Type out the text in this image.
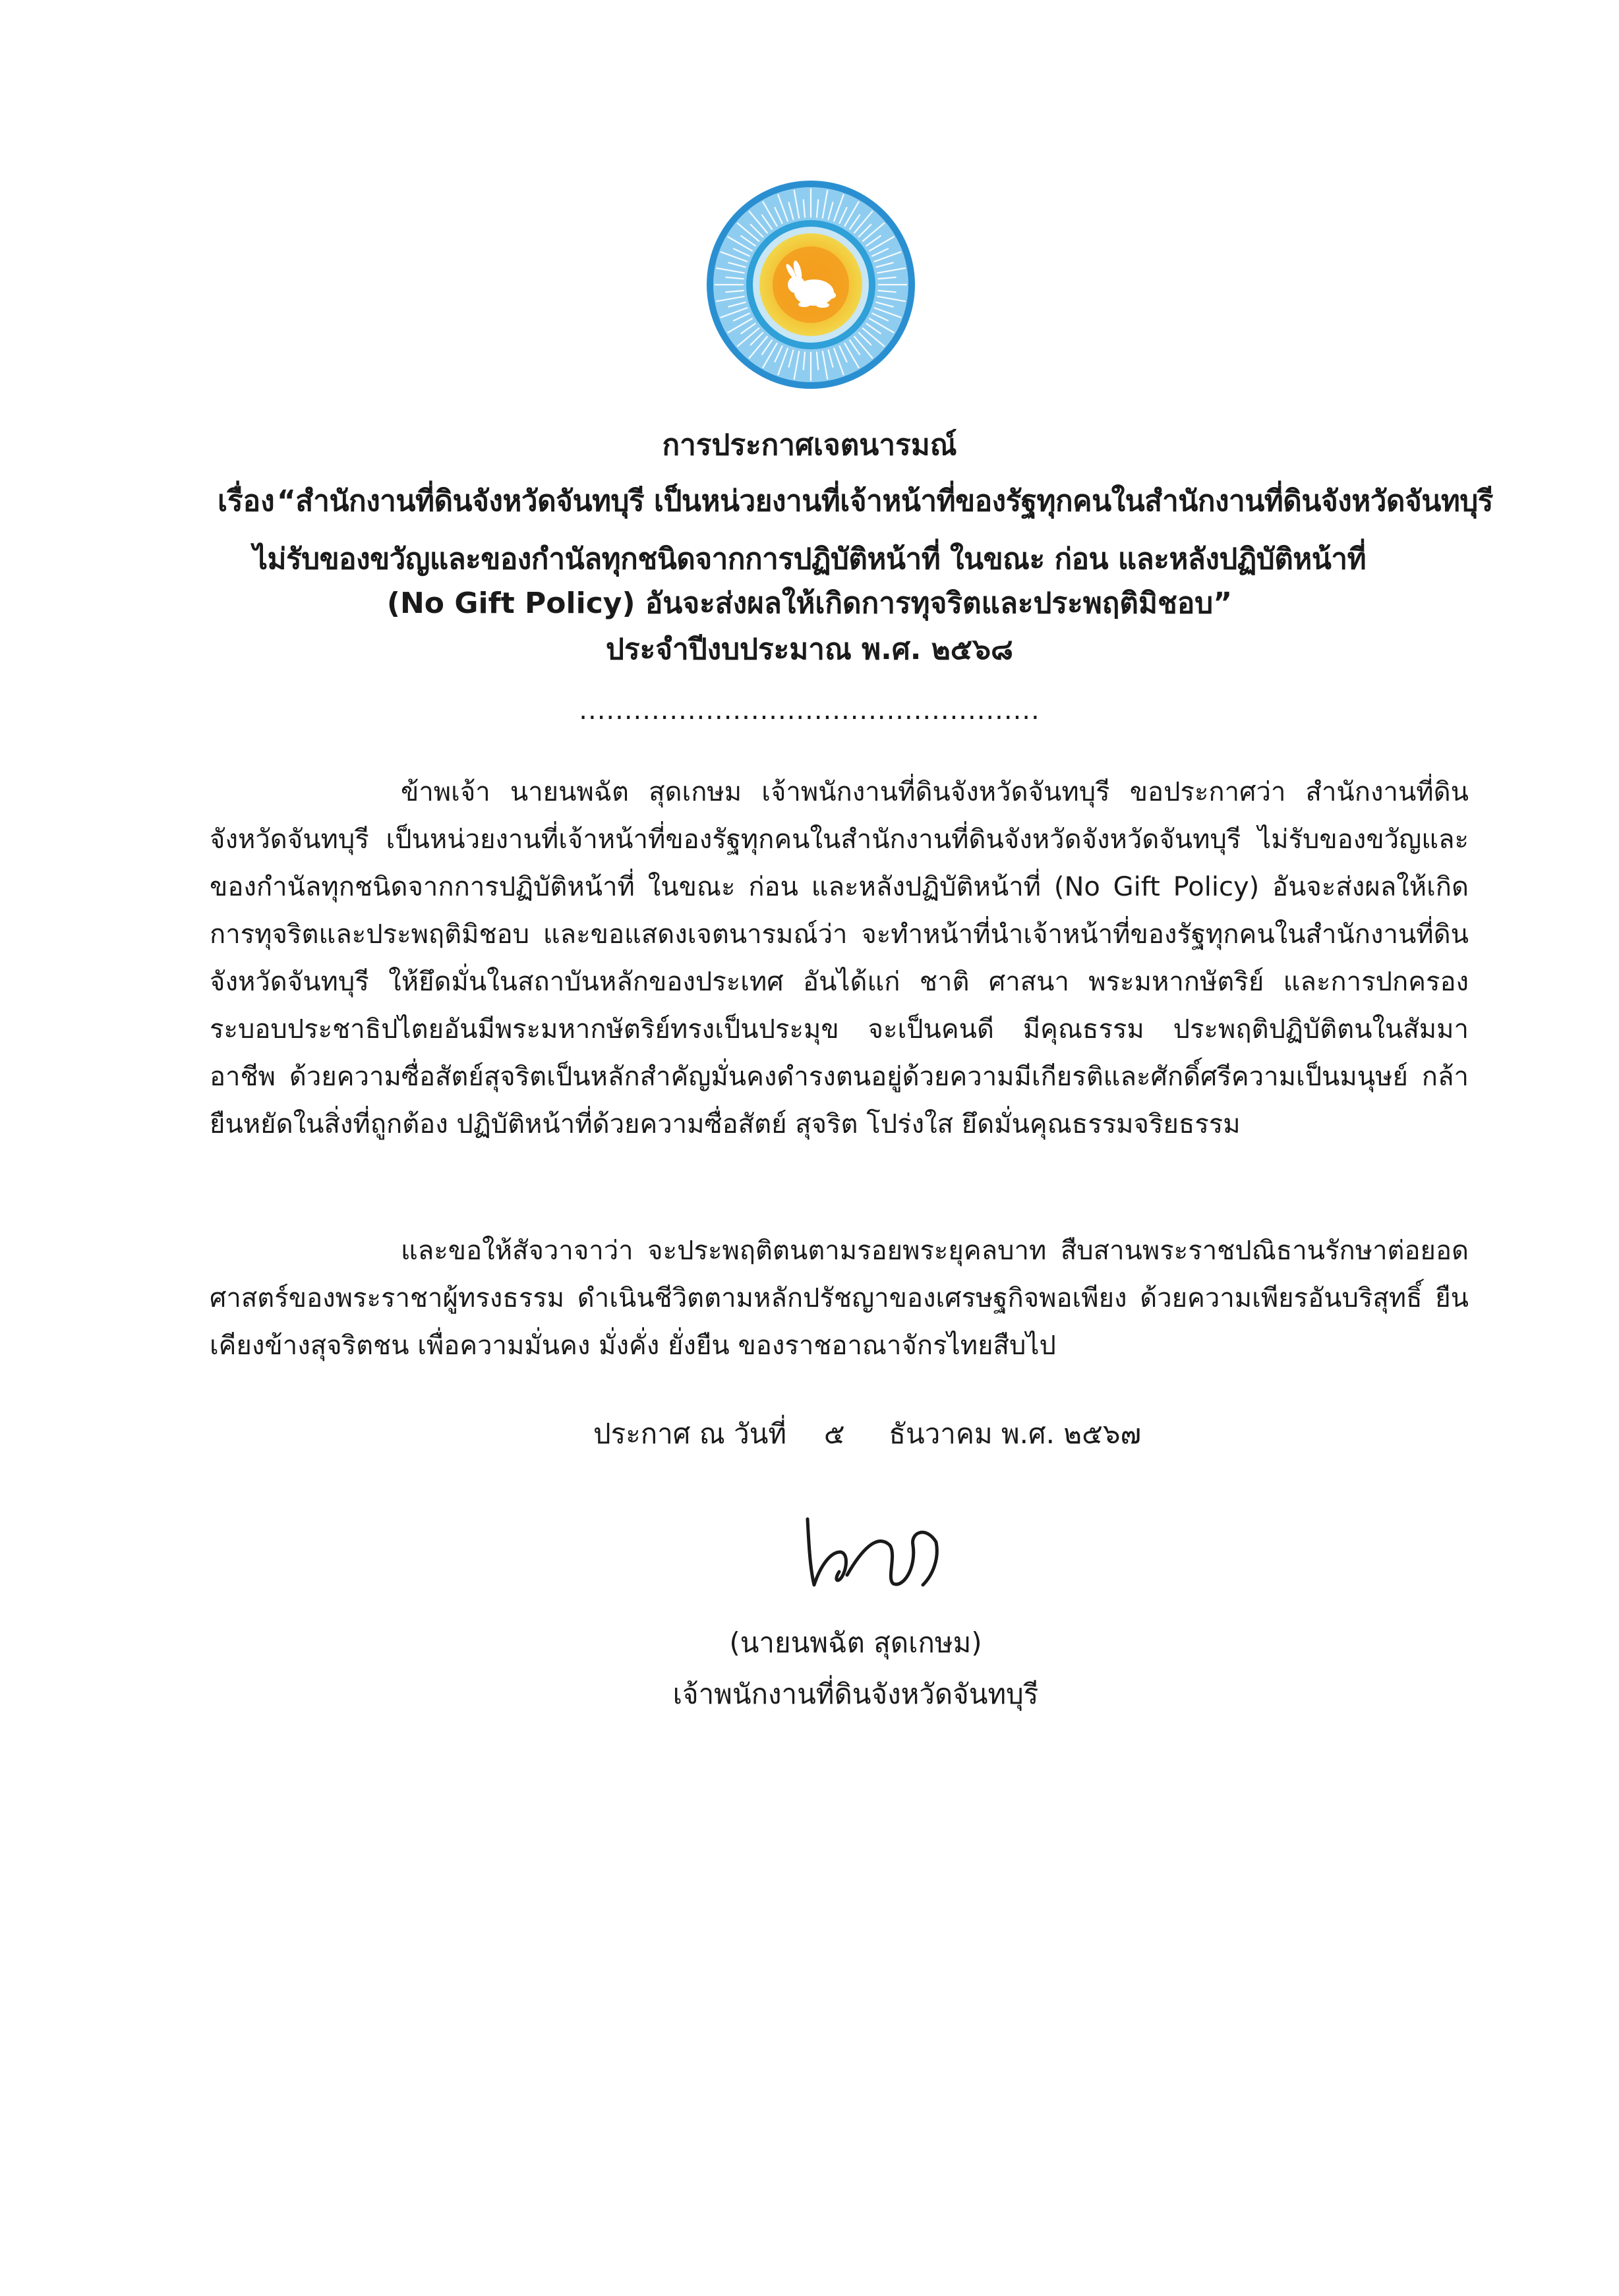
การประกาศเจตนารมณ์
เรื่อง “สำนักงานที่ดินจังหวัดจันทบุรี เป็นหน่วยงานที่เจ้าหน้าที่ของรัฐทุกคนในสำนักงานที่ดินจังหวัดจันทบุรี
ไม่รับของขวัญและของกำนัลทุกชนิดจากการปฏิบัติหน้าที่ ในขณะ ก่อน และหลังปฏิบัติหน้าที่
(No Gift Policy) อันจะส่งผลให้เกิดการทุจริตและประพฤติมิชอบ”
ประจำปีงบประมาณ พ.ศ. ๒๕๖๘
...................................................

ข้าพเจ้า นายนพฉัต สุดเกษม เจ้าพนักงานที่ดินจังหวัดจันทบุรี ขอประกาศว่า สำนักงานที่ดินจังหวัดจันทบุรี เป็นหน่วยงานที่เจ้าหน้าที่ของรัฐทุกคนในสำนักงานที่ดินจังหวัดจังหวัดจันทบุรี ไม่รับของขวัญและของกำนัลทุกชนิดจากการปฏิบัติหน้าที่ ในขณะ ก่อน และหลังปฏิบัติหน้าที่ (No Gift Policy) อันจะส่งผลให้เกิดการทุจริตและประพฤติมิชอบ และขอแสดงเจตนารมณ์ว่า จะทำหน้าที่นำเจ้าหน้าที่ของรัฐทุกคนในสำนักงานที่ดินจังหวัดจันทบุรี ให้ยึดมั่นในสถาบันหลักของประเทศ อันได้แก่ ชาติ ศาสนา พระมหากษัตริย์ และการปกครองระบอบประชาธิปไตยอันมีพระมหากษัตริย์ทรงเป็นประมุข จะเป็นคนดี มีคุณธรรม ประพฤติปฏิบัติตนในสัมมาอาชีพ ด้วยความซื่อสัตย์สุจริตเป็นหลักสำคัญมั่นคงดำรงตนอยู่ด้วยความมีเกียรติและศักดิ์ศรีความเป็นมนุษย์ กล้ายืนหยัดในสิ่งที่ถูกต้อง ปฏิบัติหน้าที่ด้วยความซื่อสัตย์ สุจริต โปร่งใส ยึดมั่นคุณธรรมจริยธรรม

และขอให้สัจวาจาว่า จะประพฤติตนตามรอยพระยุคลบาท สืบสานพระราชปณิธานรักษาต่อยอดศาสตร์ของพระราชาผู้ทรงธรรม ดำเนินชีวิตตามหลักปรัชญาของเศรษฐกิจพอเพียง ด้วยความเพียรอันบริสุทธิ์ ยืนเคียงข้างสุจริตชน เพื่อความมั่นคง มั่งคั่ง ยั่งยืน ของราชอาณาจักรไทยสืบไป

ประกาศ ณ วันที่ ๕ ธันวาคม พ.ศ. ๒๕๖๗
(นายนพฉัต สุดเกษม)
เจ้าพนักงานที่ดินจังหวัดจันทบุรี
